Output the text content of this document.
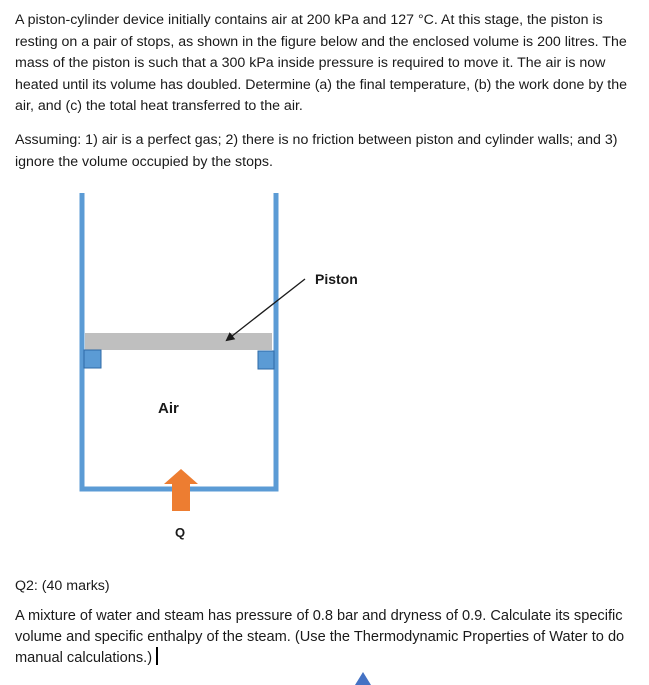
A piston-cylinder device initially contains air at 200 kPa and 127 °C. At this stage, the piston is resting on a pair of stops, as shown in the figure below and the enclosed volume is 200 litres. The mass of the piston is such that a 300 kPa inside pressure is required to move it. The air is now heated until its volume has doubled. Determine (a) the final temperature, (b) the work done by the air, and (c) the total heat transferred to the air.

Assuming: 1) air is a perfect gas; 2) there is no friction between piston and cylinder walls; and 3) ignore the volume occupied by the stops.

Piston
Air
Q

Q2: (40 marks)

A mixture of water and steam has pressure of 0.8 bar and dryness of 0.9. Calculate its specific volume and specific enthalpy of the steam. (Use the Thermodynamic Properties of Water to do manual calculations.)
